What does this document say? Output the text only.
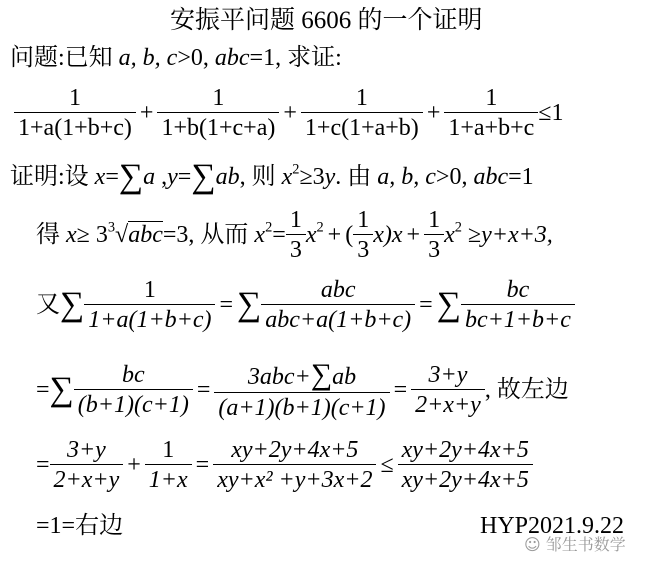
安振平问题 6606 的一个证明
问题:已知 a, b, c>0, abc=1, 求证:
$\frac{1}{1+a(1+b+c)} + \frac{1}{1+b(1+c+a)} + \frac{1}{1+c(1+a+b)} + \frac{1}{1+a+b+c} \le 1$
证明:设 x=∑a ,y=∑ab, 则 $x^2\ge 3y$. 由 a, b, c>0, abc=1
得 $x\ge 3^3√abc=3$, 从而 $x^2= \frac{1}{3} x^2$ + ( $\frac{1}{3} x)x + \frac{1}{3} x^2 \ge y+x+3$,
又∑ $\frac{1}{1+a(1+b+c)}$ = ∑ $\frac{\text{abc}}{\text{abc+a(1+b+c)}}$ = ∑ $\frac{bc}{bc+1+b+c}$
=∑ $\frac{bc}{(b+1)(c+1)} = \frac{\text{3abc+∑ab}}{(a+1)(b+1)(c+1)} = \frac{3+y}{2+x+y}$ , 故左边
= $\frac{3+y}{2+x+y} + \frac{1}{1+x} = \frac{xy+2y+4x+5}{\text{xy+x² +y+3x+2}} \le \frac{xy+2y+4x+5}{xy+2y+4x+5}$
=1=右边	HYP2021.9.22
☺ 邹生书数学
